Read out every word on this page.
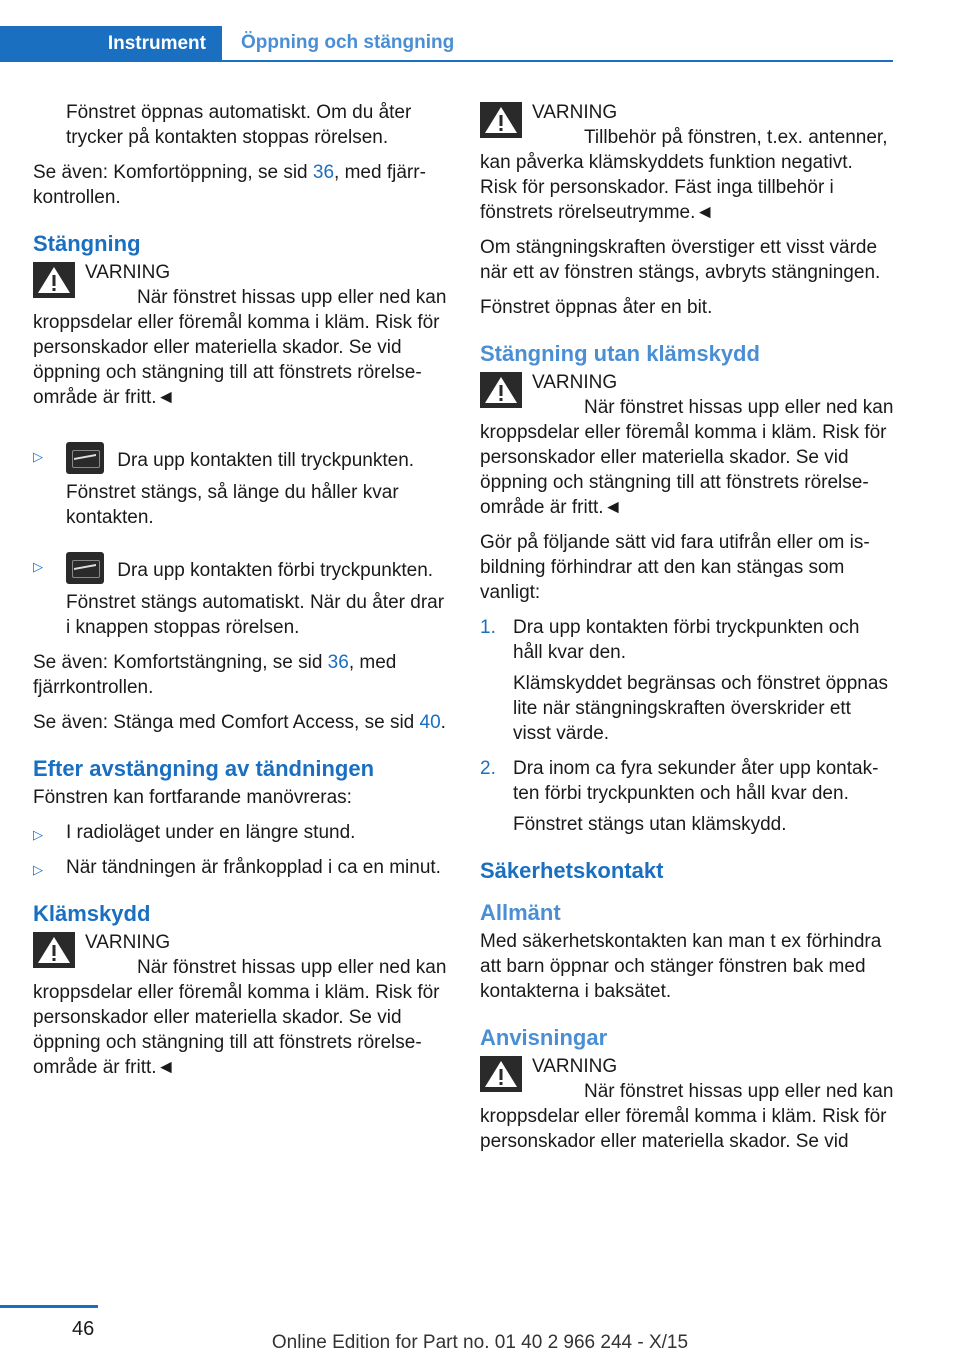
Instrument	Öppning och stängning

Fönstret öppnas automatiskt. Om du åter trycker på kontakten stoppas rörelsen.

Se även: Komfortöppning, se sid 36, med fjärrkontrollen.

Stängning
VARNING
När fönstret hissas upp eller ned kan kroppsdelar eller föremål komma i kläm. Risk för personskador eller materiella skador. Se vid öppning och stängning till att fönstrets rörelseområde är fritt.◄
▷	Dra upp kontakten till tryckpunkten.
Fönstret stängs, så länge du håller kvar kontakten.
▷	Dra upp kontakten förbi tryckpunkten.
Fönstret stängs automatiskt. När du åter drar i knappen stoppas rörelsen.

Se även: Komfortstängning, se sid 36, med fjärrkontrollen.

Se även: Stänga med Comfort Access, se sid 40.

Efter avstängning av tändningen

Fönstren kan fortfarande manövreras:

▷ I radioläget under en längre stund.
▷ När tändningen är frånkopplad i ca en minut.
Klämskydd
VARNING
När fönstret hissas upp eller ned kan kroppsdelar eller föremål komma i kläm. Risk för personskador eller materiella skador. Se vid öppning och stängning till att fönstrets rörelseområde är fritt.◄
VARNING
Tillbehör på fönstren, t.ex. antenner, kan påverka klämskyddets funktion negativt. Risk för personskador. Fäst inga tillbehör i fönstrets rörelseutrymme.◄

Om stängningskraften överstiger ett visst värde när ett av fönstren stängs, avbryts stängningen.

Fönstret öppnas åter en bit.

Stängning utan klämskydd
VARNING
När fönstret hissas upp eller ned kan kroppsdelar eller föremål komma i kläm. Risk för personskador eller materiella skador. Se vid öppning och stängning till att fönstrets rörelseområde är fritt.◄

Gör på följande sätt vid fara utifrån eller om isbildning förhindrar att den kan stängas som vanligt:

1. Dra upp kontakten förbi tryckpunkten och håll kvar den.
Klämskyddet begränsas och fönstret öppnas lite när stängningskraften överskrider ett visst värde.
2. Dra inom ca fyra sekunder åter upp kontakten förbi tryckpunkten och håll kvar den.
Fönstret stängs utan klämskydd.
Säkerhetskontakt
Allmänt

Med säkerhetskontakten kan man t ex förhindra att barn öppnar och stänger fönstren bak med kontakterna i baksätet.

Anvisningar
VARNING
När fönstret hissas upp eller ned kan kroppsdelar eller föremål komma i kläm. Risk för personskador eller materiella skador. Se vid
46
Online Edition for Part no. 01 40 2 966 244 - X/15
